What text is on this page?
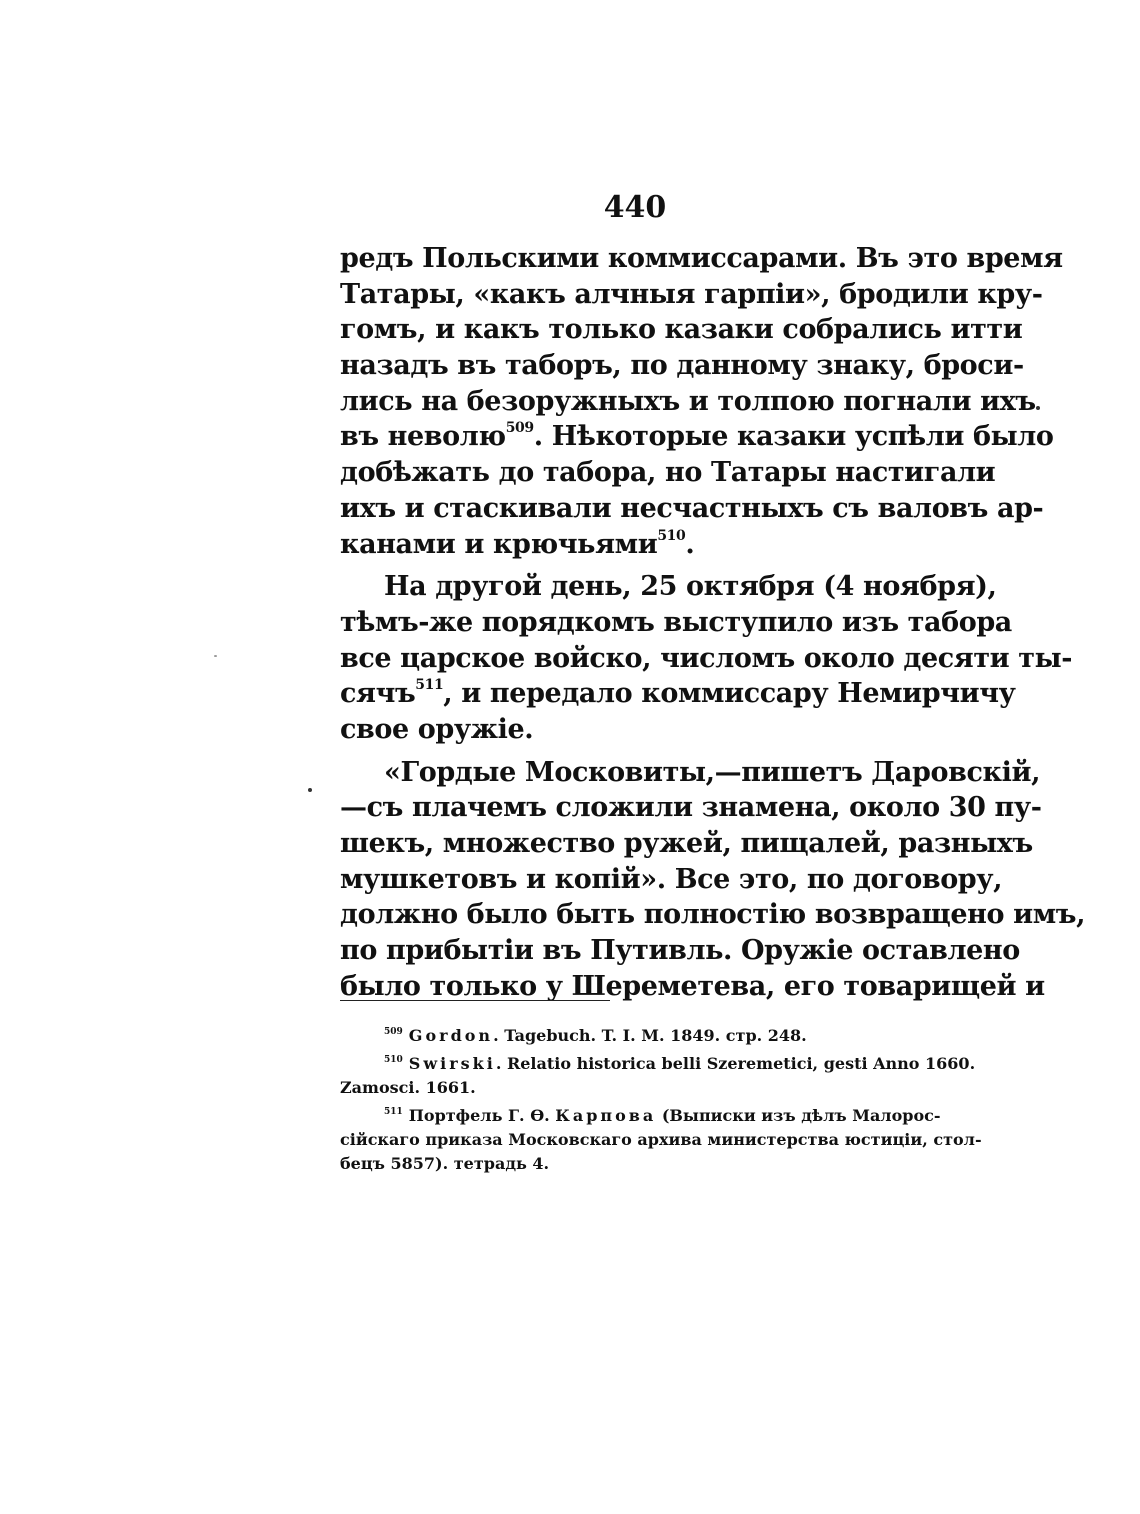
440
редъ Польскими коммиссарами. Въ это время
Татары, «какъ алчныя гарпіи», бродили кру-
гомъ, и какъ только казаки собрались итти
назадъ въ таборъ, по данному знаку, броси-
лись на безоружныхъ и толпою погнали ихъ
въ неволю$^{509}$. Нѣкоторые казаки успѣли было
добѣжать до табора, но Татары настигали
ихъ и стаскивали несчастныхъ съ валовъ ар-
канами и крючьями$^{510}$.
На другой день, 25 октября (4 ноября),
тѣмъ-же порядкомъ выступило изъ табора
все царское войско, числомъ около десяти ты-
сячъ$^{511}$, и передало коммиссару Немирчичу
свое оружіе.
«Гордые Московиты,—пишетъ Даровскій,
—съ плачемъ сложили знамена, около 30 пу-
шекъ, множество ружей, пищалей, разныхъ
мушкетовъ и копій». Все это, по договору,
должно было быть полностію возвращено имъ,
по прибытіи въ Путивль. Оружіе оставлено
было только у Шереметева, его товарищей и
$^{509}$ Gordon. Tagebuch. T. I. M. 1849. стр. 248.
$^{510}$ Swirski. Relatio historica belli Szeremetici, gesti Anno 1660.
Zamosci. 1661.
$^{511}$ Портфель Г. Ѳ. Карпова (Выписки изъ дѣлъ Малорос-
сійскаго приказа Московскаго архива министерства юстиціи, стол-
бецъ 5857). тетрадь 4.
